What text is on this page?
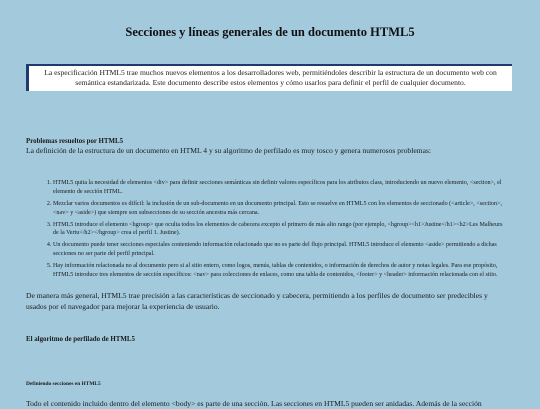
Secciones y líneas generales de un documento HTML5
La especificación HTML5 trae muchos nuevos elementos a los desarrolladores web, permitiéndoles describir la estructura de un documento web con semántica estandarizada. Este documento describe estos elementos y cómo usarlos para definir el perfil de cualquier documento.
Problemas resueltos por HTML5

La definición de la estructura de un documento en HTML 4 y su algoritmo de perfilado es muy tosco y genera numerosos problemas:

1. HTML5 quita la necesidad de elementos <div> para definir secciones semánticas sin definir valores específicos para los atributos class, introduciendo un nuevo elemento, <section>, el elemento de sección HTML.
2. Mezclar varios documentos es difícil: la inclusión de un sub-documento en un documento principal. Esto se resuelve en HTML5 con los elementos de seccionado (<article>, <section>, <nav> y <aside>) que siempre son subsecciones de su sección ancestra más cercana.
3. HTML5 introduce el elemento <hgroup> que oculta todos los elementos de cabecera excepto el primero de más alto rango (por ejemplo, <hgroup><h1>Justine</h1><h2>Les Malheurs de la Vertu</h2></hgroup> crea el perfil 1. Justine).
4. Un documento puede tener secciones especiales conteniendo información relacionado que no es parte del flujo principal. HTML5 introduce el elemento <aside> permitiendo a dichas secciones no ser parte del perfil principal.
5. Hay información relacionada no al documento pero si al sitio entero, como logos, menús, tablas de contenidos, o información de derechos de autor y notas legales. Para ese propósito, HTML5 introduce tres elementos de sección específicos: <nav> para colecciones de enlaces, como una tabla de contenidos, <footer> y <header> información relacionada con el sitio.

De manera más general, HTML5 trae precisión a las características de seccionado y cabecera, permitiendo a los perfiles de documento ser predecibles y usados por el navegador para mejorar la experiencia de usuario.

El algoritmo de perfilado de HTML5
Definiendo secciones en HTML5

Todo el contenido incluido dentro del elemento <body> es parte de una sección. Las secciones en HTML5 pueden ser anidadas. Además de la sección
